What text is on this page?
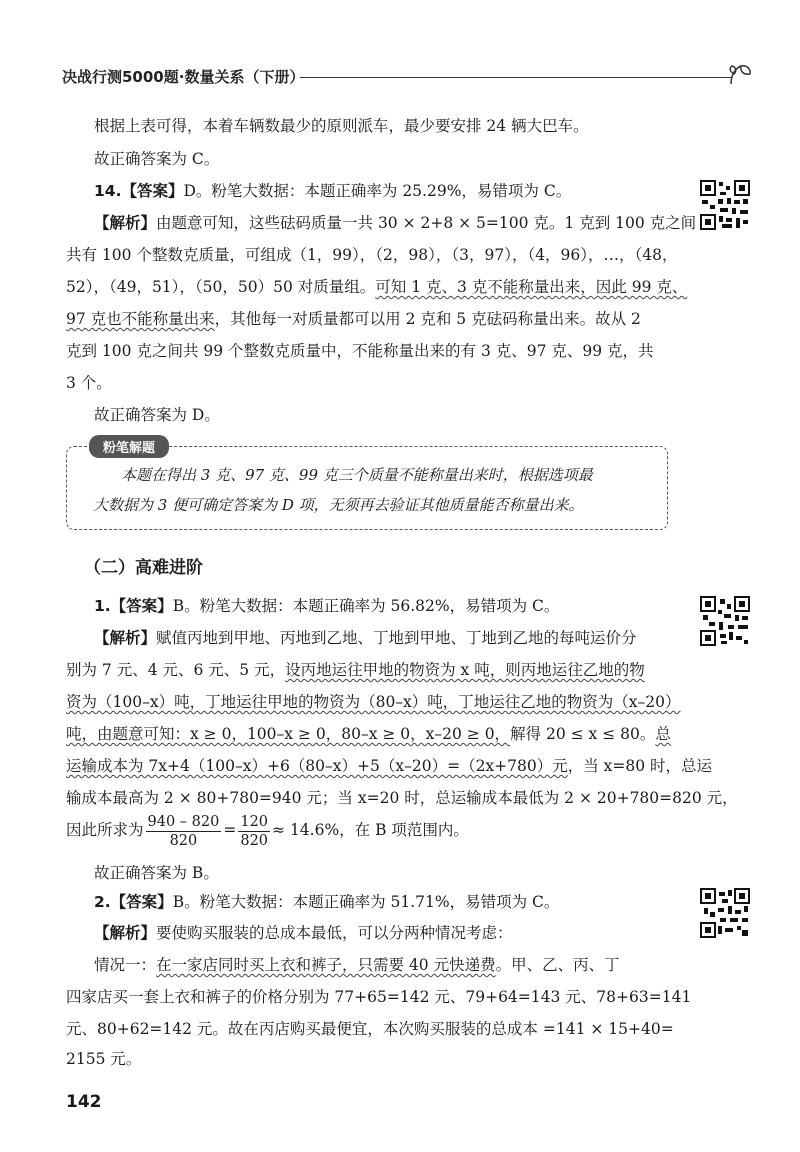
决战行测5000题·数量关系（下册）
根据上表可得，本着车辆数最少的原则派车，最少要安排 24 辆大巴车。
故正确答案为 C。
14.【答案】D。粉笔大数据：本题正确率为 25.29%，易错项为 C。
【解析】由题意可知，这些砝码质量一共 30 × 2+8 × 5=100 克。1 克到 100 克之间
共有 100 个整数克质量，可组成（1，99），（2，98），（3，97），（4，96），…，（48，
52），（49，51），（50，50）50 对质量组。可知 1 克、3 克不能称量出来，因此 99 克、
97 克也不能称量出来，其他每一对质量都可以用 2 克和 5 克砝码称量出来。故从 2
克到 100 克之间共 99 个整数克质量中，不能称量出来的有 3 克、97 克、99 克，共
3 个。
故正确答案为 D。
粉笔解题
本题在得出 3 克、97 克、99 克三个质量不能称量出来时，根据选项最
大数据为 3 便可确定答案为 D 项，无须再去验证其他质量能否称量出来。
（二）高难进阶
1.【答案】B。粉笔大数据：本题正确率为 56.82%，易错项为 C。
【解析】赋值丙地到甲地、丙地到乙地、丁地到甲地、丁地到乙地的每吨运价分
别为 7 元、4 元、6 元、5 元，设丙地运往甲地的物资为 x 吨，则丙地运往乙地的物
资为（100–x）吨，丁地运往甲地的物资为（80–x）吨，丁地运往乙地的物资为（x–20）
吨，由题意可知：x ≥ 0，100–x ≥ 0，80–x ≥ 0，x–20 ≥ 0，解得 20 ≤ x ≤ 80。总
运输成本为 7x+4（100–x）+6（80–x）+5（x–20）=（2x+780）元，当 x=80 时，总运
输成本最高为 2 × 80+780=940 元；当 x=20 时，总运输成本最低为 2 × 20+780=820 元，
因此所求为 $\frac{940 - 820}{820} = \frac{120}{820} \approx 14.6\%$，在 B 项范围内。
故正确答案为 B。
2.【答案】B。粉笔大数据：本题正确率为 51.71%，易错项为 C。
【解析】要使购买服装的总成本最低，可以分两种情况考虑：
情况一：在一家店同时买上衣和裤子，只需要 40 元快递费。甲、乙、丙、丁
四家店买一套上衣和裤子的价格分别为 77+65=142 元、79+64=143 元、78+63=141
元、80+62=142 元。故在丙店购买最便宜，本次购买服装的总成本 =141 × 15+40=
2155 元。
142
